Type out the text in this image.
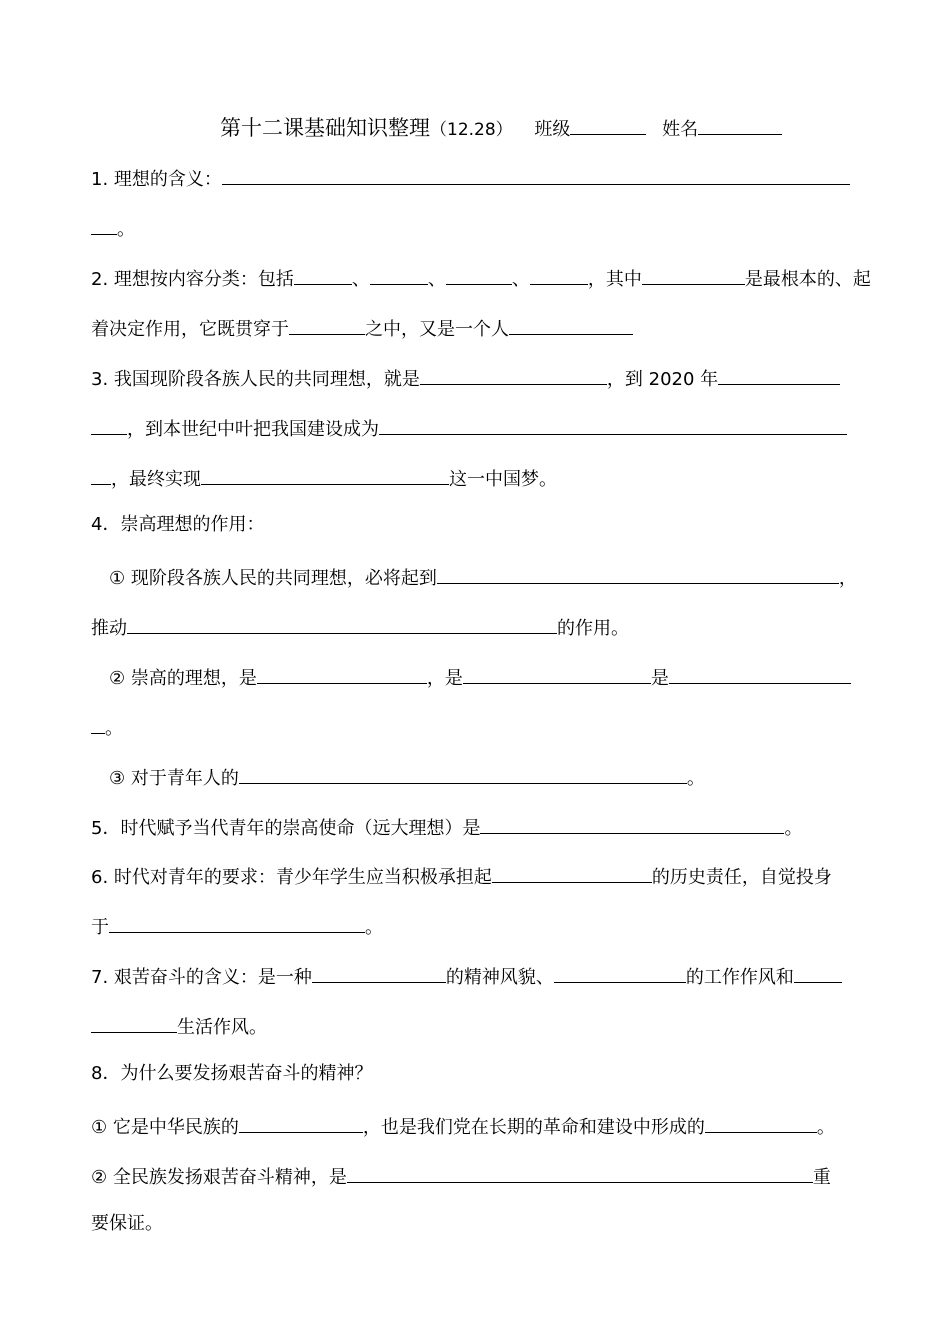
第十二课基础知识整理（12.28） 班级	姓名
1. 理想的含义：
。
2. 理想按内容分类：包括	、	、	、	，其中	是最根本的、起
着决定作用，它既贯穿于	之中，又是一个人
3. 我国现阶段各族人民的共同理想，就是	，到 2020 年
，到本世纪中叶把我国建设成为
，最终实现	这一中国梦。
4．崇高理想的作用：
① 现阶段各族人民的共同理想，必将起到	，
推动	的作用。
② 崇高的理想，是	，是	是
。
③ 对于青年人的	。
5．时代赋予当代青年的崇高使命（远大理想）是	。
6. 时代对青年的要求：青少年学生应当积极承担起	的历史责任，自觉投身
于	。
7. 艰苦奋斗的含义：是一种	的精神风貌、	的工作作风和
生活作风。
8．为什么要发扬艰苦奋斗的精神？
① 它是中华民族的	，也是我们党在长期的革命和建设中形成的	。
② 全民族发扬艰苦奋斗精神，是	重
要保证。
